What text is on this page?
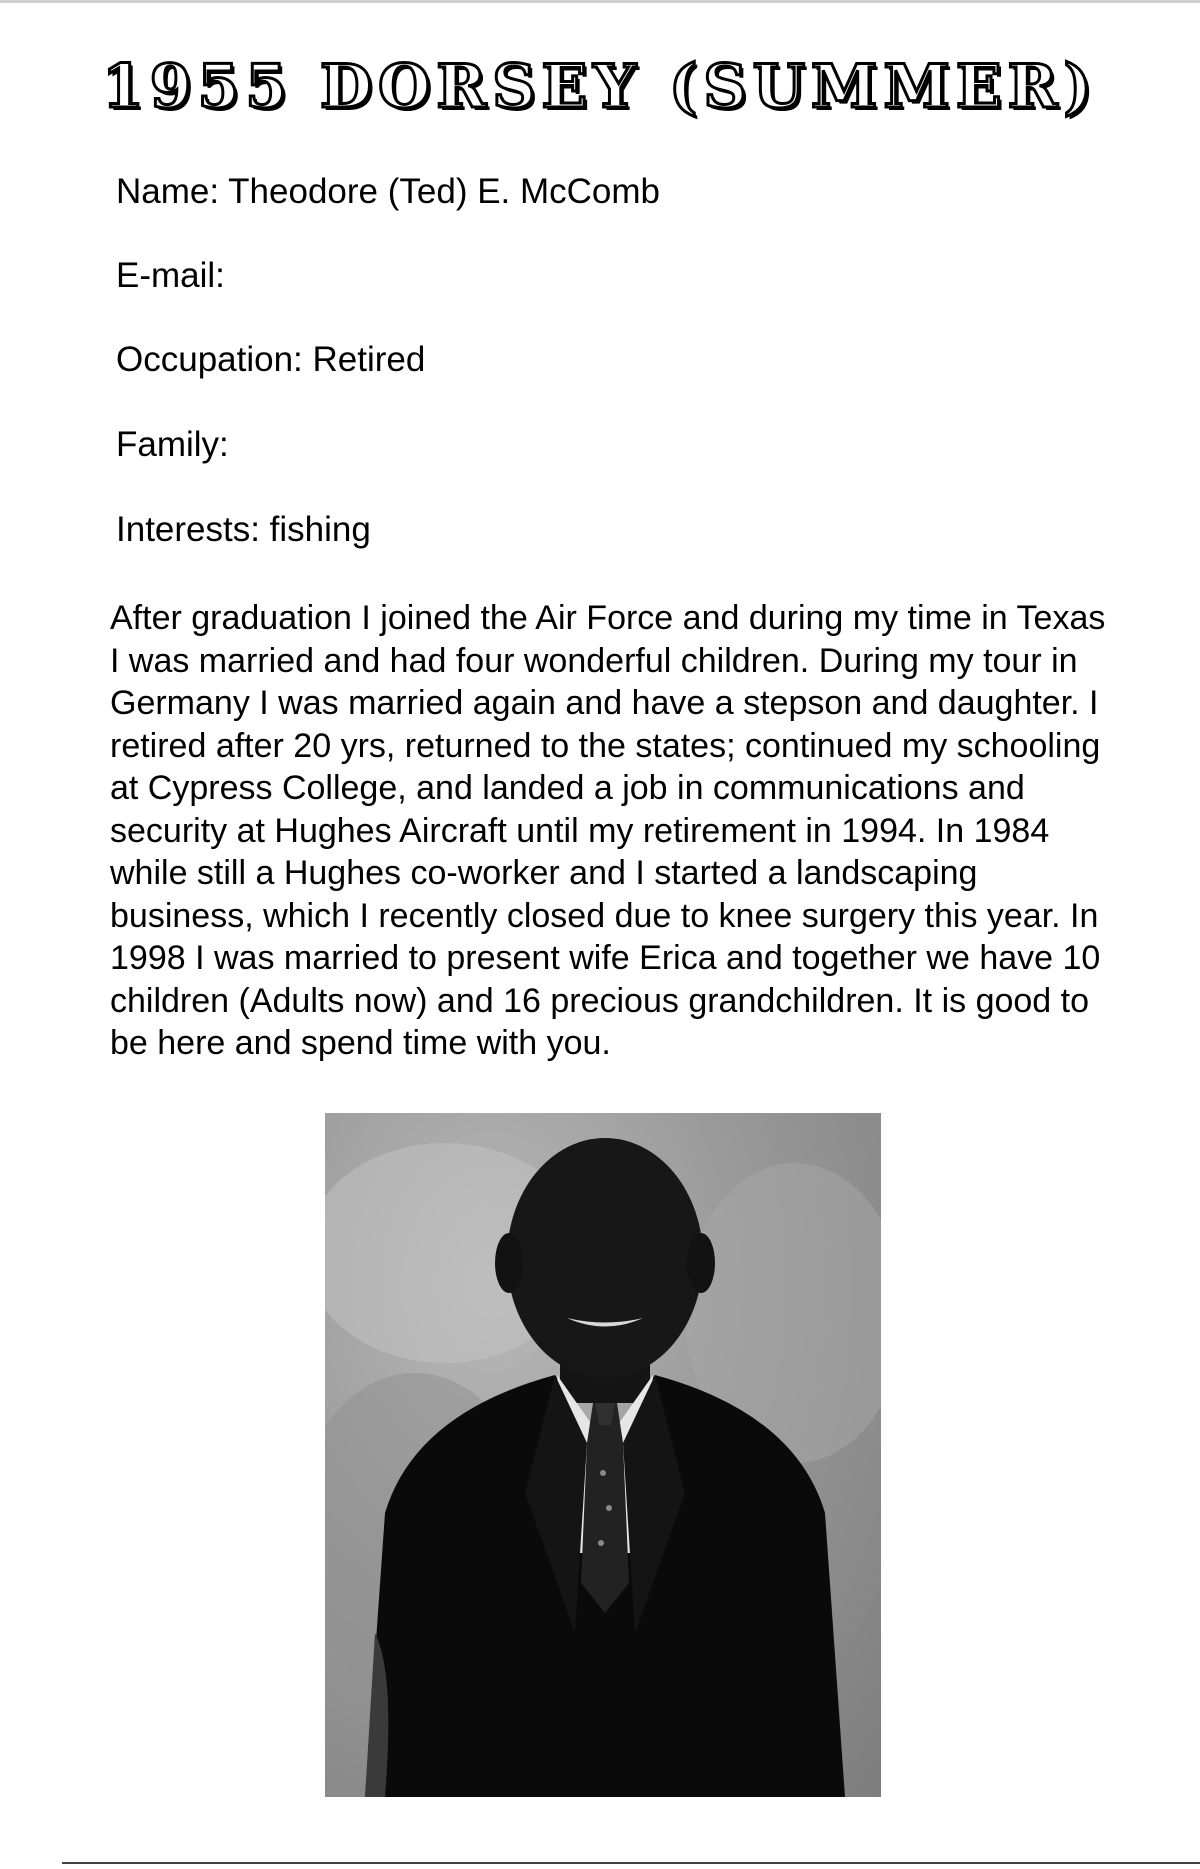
1955 DORSEY (SUMMER)
Name: Theodore (Ted) E. McComb
E-mail:
Occupation: Retired
Family:
Interests: fishing

After graduation I joined the Air Force and during my time in Texas I was married and had four wonderful children. During my tour in Germany I was married again and have a stepson and daughter. I retired after 20 yrs, returned to the states; continued my schooling at Cypress College, and landed a job in communications and security at Hughes Aircraft until my retirement in 1994. In 1984 while still a Hughes co-worker and I started a landscaping business, which I recently closed due to knee surgery this year. In 1998 I was married to present wife Erica and together we have 10 children (Adults now) and 16 precious grandchildren. It is good to be here and spend time with you.
